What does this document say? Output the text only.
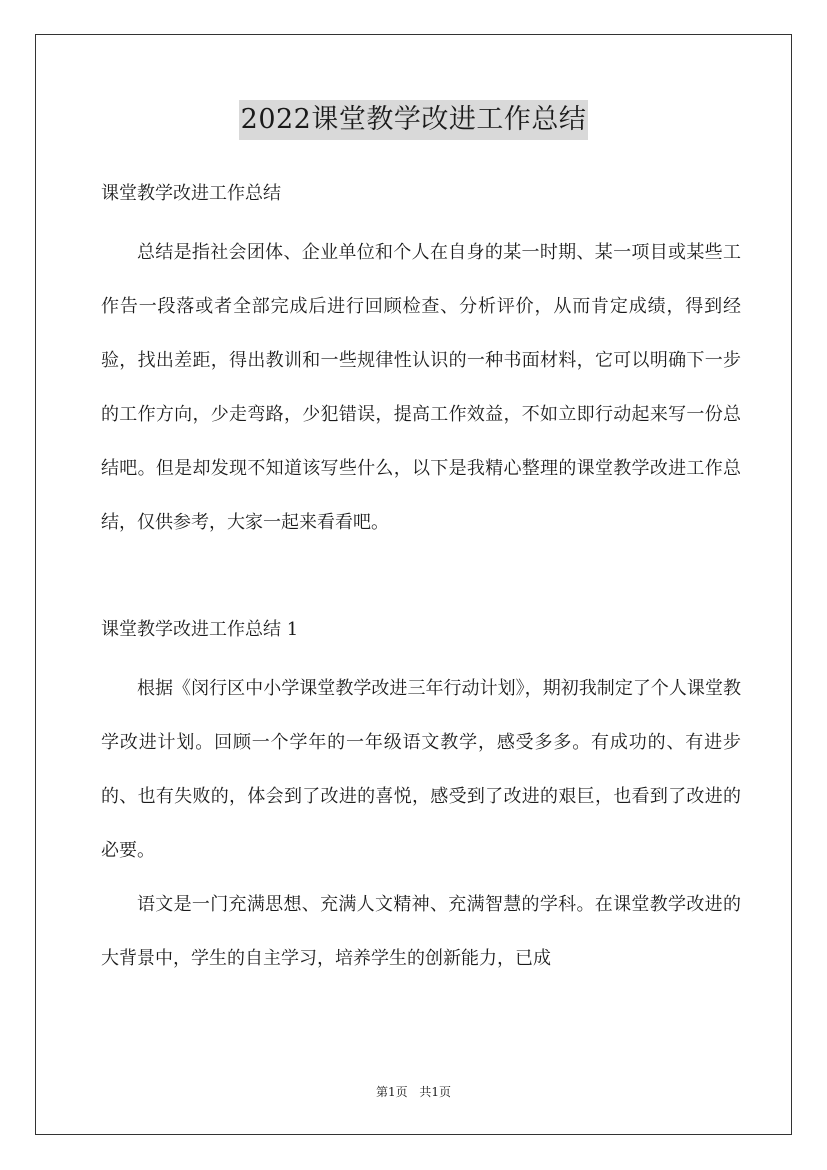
2022课堂教学改进工作总结
课堂教学改进工作总结

总结是指社会团体、企业单位和个人在自身的某一时期、某一项目或某些工作告一段落或者全部完成后进行回顾检查、分析评价，从而肯定成绩，得到经验，找出差距，得出教训和一些规律性认识的一种书面材料，它可以明确下一步的工作方向，少走弯路，少犯错误，提高工作效益，不如立即行动起来写一份总结吧。但是却发现不知道该写些什么，以下是我精心整理的课堂教学改进工作总结，仅供参考，大家一起来看看吧。

课堂教学改进工作总结 1

根据《闵行区中小学课堂教学改进三年行动计划》，期初我制定了个人课堂教学改进计划。回顾一个学年的一年级语文教学，感受多多。有成功的、有进步的、也有失败的，体会到了改进的喜悦，感受到了改进的艰巨，也看到了改进的必要。

语文是一门充满思想、充满人文精神、充满智慧的学科。在课堂教学改进的大背景中，学生的自主学习，培养学生的创新能力，已成

第1页 共1页
